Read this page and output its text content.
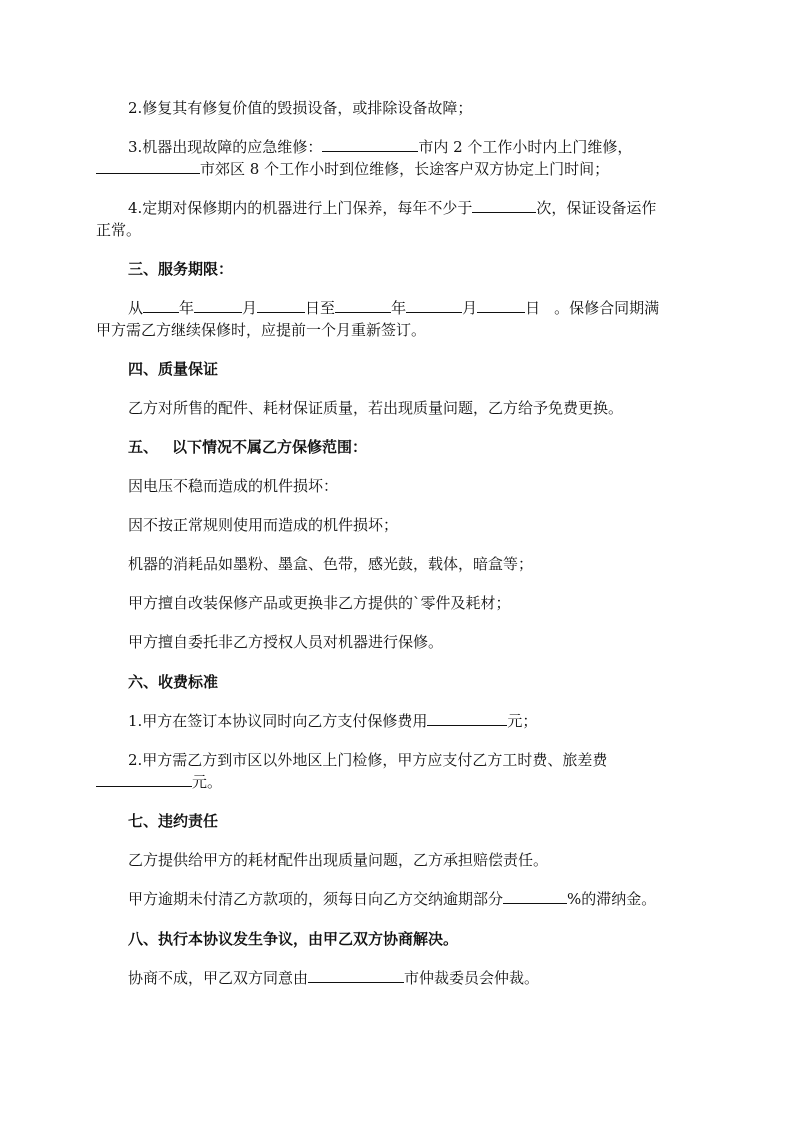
2.修复其有修复价值的毁损设备，或排除设备故障；
3.机器出现故障的应急维修：	市内 2 个工作小时内上门维修，
市郊区 8 个工作小时到位维修，长途客户双方协定上门时间；
4.定期对保修期内的机器进行上门保养，每年不少于	次，保证设备运作
正常。
三、服务期限：
从 年	月	日至	年	月	日 。保修合同期满
甲方需乙方继续保修时，应提前一个月重新签订。
四、质量保证
乙方对所售的配件、耗材保证质量，若出现质量问题，乙方给予免费更换。
五、 以下情况不属乙方保修范围：
因电压不稳而造成的机件损坏：
因不按正常规则使用而造成的机件损坏；
机器的消耗品如墨粉、墨盒、色带，感光鼓，载体，暗盒等；
甲方擅自改装保修产品或更换非乙方提供的`零件及耗材；
甲方擅自委托非乙方授权人员对机器进行保修。
六、收费标准
1.甲方在签订本协议同时向乙方支付保修费用	元；
2.甲方需乙方到市区以外地区上门检修，甲方应支付乙方工时费、旅差费
元。
七、违约责任
乙方提供给甲方的耗材配件出现质量问题，乙方承担赔偿责任。
甲方逾期未付清乙方款项的，须每日向乙方交纳逾期部分	%的滞纳金。
八、执行本协议发生争议，由甲乙双方协商解决。
协商不成，甲乙双方同意由	市仲裁委员会仲裁。
